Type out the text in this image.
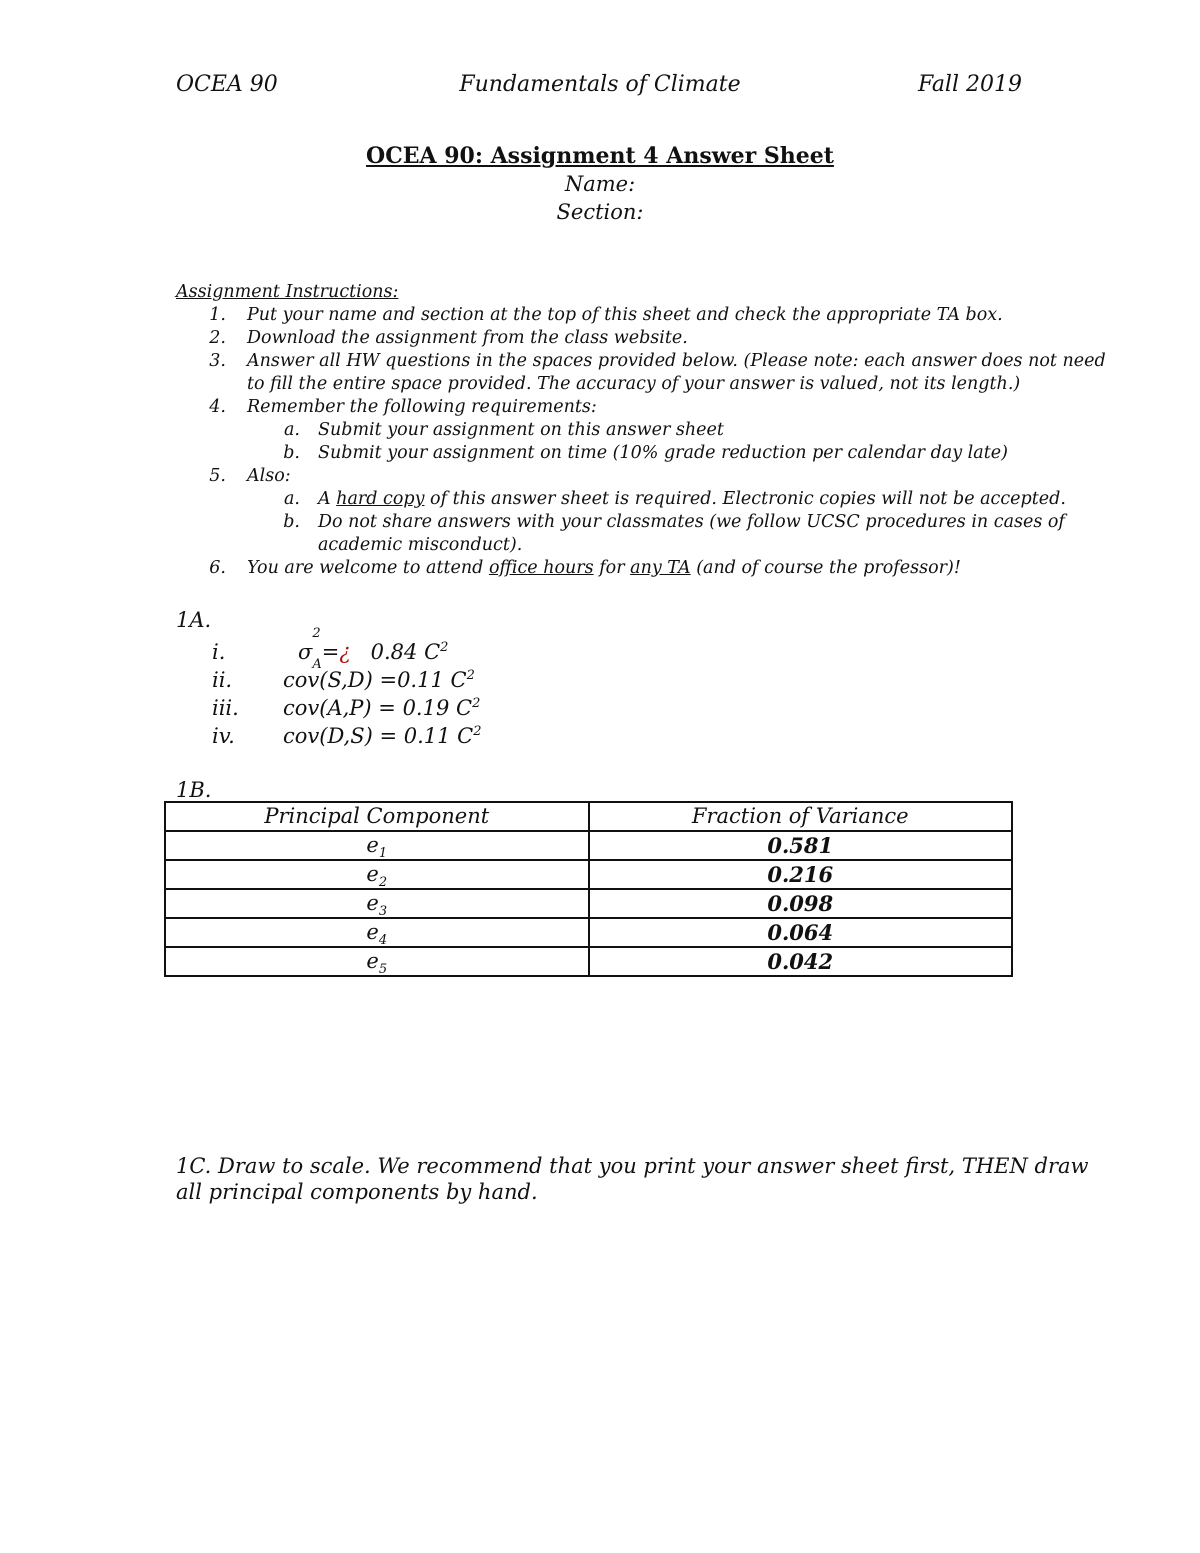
OCEA 90	Fundamentals of Climate	Fall 2019
OCEA 90: Assignment 4 Answer Sheet
Name:
Section:
Assignment Instructions:
1. Put your name and section at the top of this sheet and check the appropriate TA box.
2. Download the assignment from the class website.
3. Answer all HW questions in the spaces provided below. (Please note: each answer does not need
to fill the entire space provided. The accuracy of your answer is valued, not its length.)
4. Remember the following requirements:
a. Submit your assignment on this answer sheet
b. Submit your assignment on time (10% grade reduction per calendar day late)
5. Also:
a. A hard copy of this answer sheet is required. Electronic copies will not be accepted.
b. Do not share answers with your classmates (we follow UCSC procedures in cases of
academic misconduct).
6. You are welcome to attend office hours for any TA (and of course the professor)!
1A.
i.	σ
2
$_A$=¿ 0.84 $C^2$
ii. cov(S,D) =0.11 $C^2$
iii. cov(A,P) = 0.19 $C^2$
iv. cov(D,S) = 0.11 $C^2$
1B.
Principal Component	Fraction of Variance
$e_1$	0.581
$e_2$	0.216
$e_3$	0.098
$e_4$	0.064
$e_5$	0.042
1C. Draw to scale. We recommend that you print your answer sheet first, THEN draw
all principal components by hand.
